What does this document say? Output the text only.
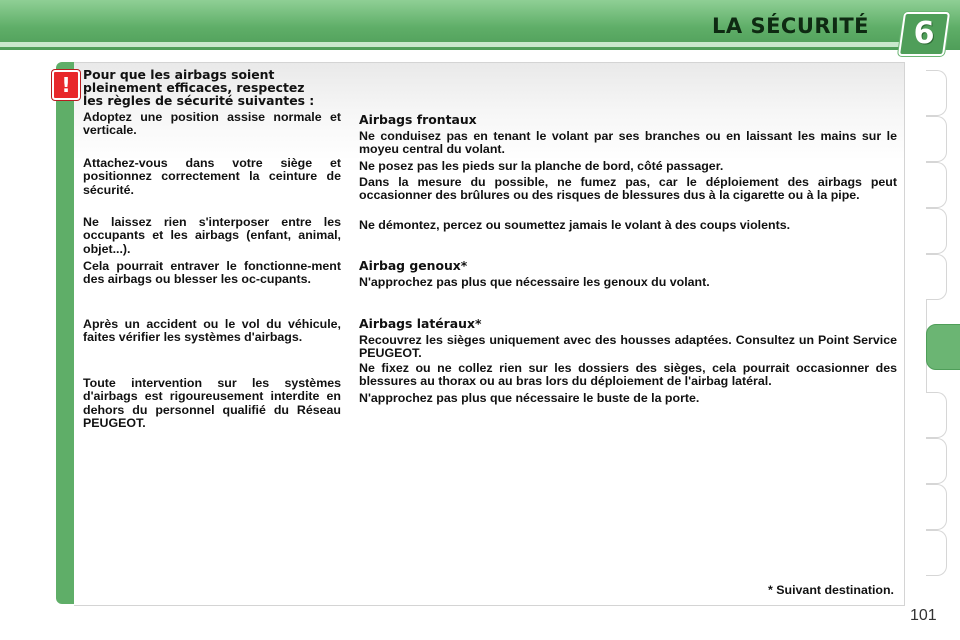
LA SÉCURITÉ	6
!	Pour que les airbags soient
pleinement efficaces, respectez
les règles de sécurité suivantes :
Adoptez une position assise normale et verticale.
Attachez-vous dans votre siège et positionnez correctement la ceinture de sécurité.
Ne laissez rien s'interposer entre les occupants et les airbags (enfant, animal, objet...).
Cela pourrait entraver le fonctionne-ment des airbags ou blesser les oc-cupants.
Après un accident ou le vol du véhicule, faites vérifier les systèmes d'airbags.
Toute intervention sur les systèmes d'airbags est rigoureusement interdite en dehors du personnel qualifié du Réseau PEUGEOT.
Airbags frontaux
Ne conduisez pas en tenant le volant par ses branches ou en laissant les mains sur le moyeu central du volant.
Ne posez pas les pieds sur la planche de bord, côté passager.
Dans la mesure du possible, ne fumez pas, car le déploiement des airbags peut occasionner des brûlures ou des risques de blessures dus à la cigarette ou à la pipe.
Ne démontez, percez ou soumettez jamais le volant à des coups violents.
Airbag genoux*
N'approchez pas plus que nécessaire les genoux du volant.
Airbags latéraux*
Recouvrez les sièges uniquement avec des housses adaptées. Consultez un Point Service PEUGEOT.
Ne fixez ou ne collez rien sur les dossiers des sièges, cela pourrait occasionner des blessures au thorax ou au bras lors du déploiement de l'airbag latéral.
N'approchez pas plus que nécessaire le buste de la porte.
* Suivant destination.
101
